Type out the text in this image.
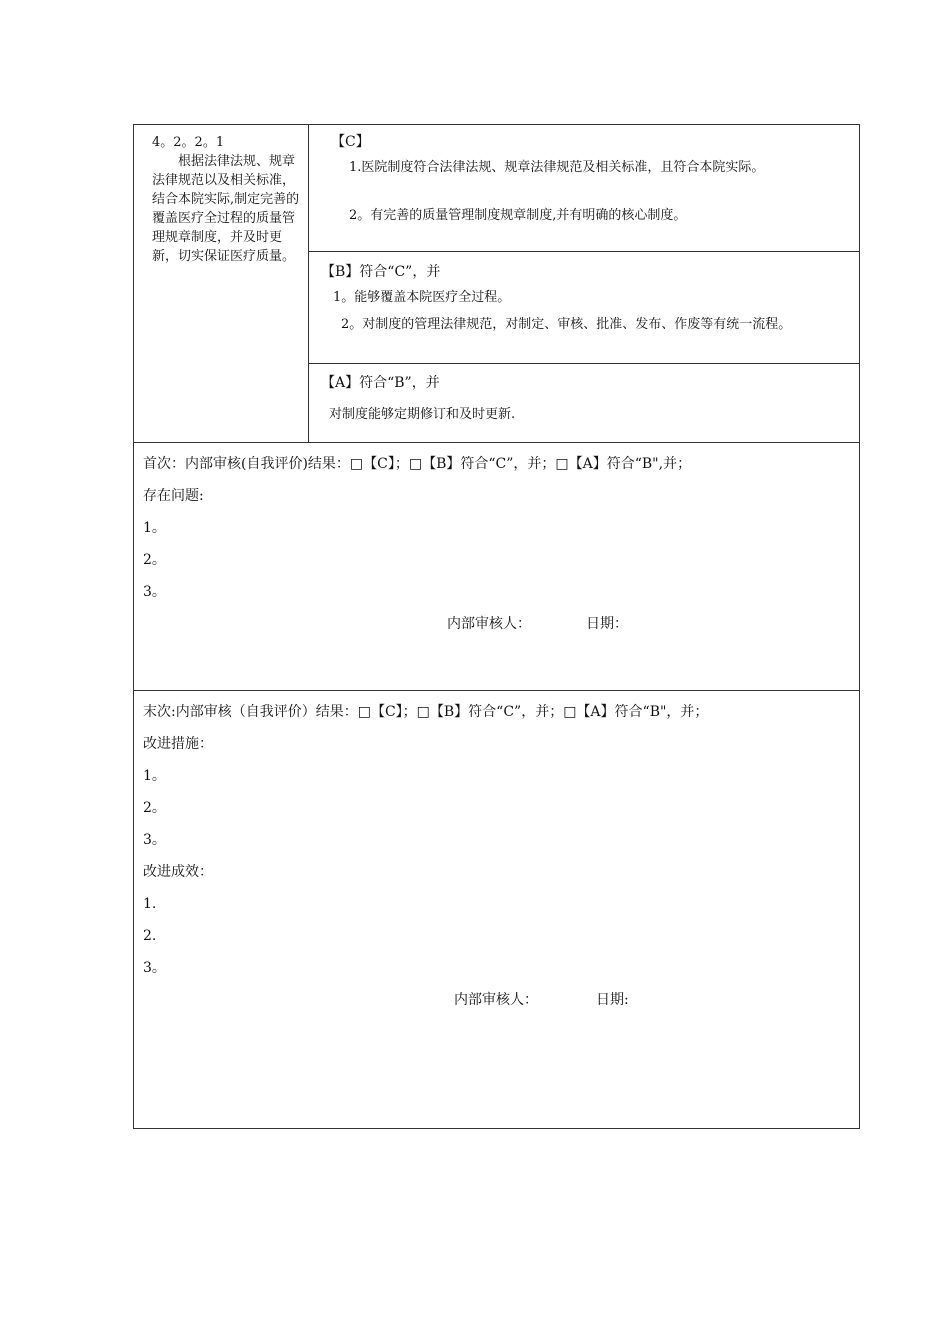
4。2。2。1
根据法律法规、规章法律规范以及相关标准，结合本院实际,制定完善的覆盖医疗全过程的质量管理规章制度，并及时更新，切实保证医疗质量。
【C】
1.医院制度符合法律法规、规章法律规范及相关标准，且符合本院实际。
2。有完善的质量管理制度规章制度,并有明确的核心制度。
【B】符合“C”，并
1。能够覆盖本院医疗全过程。
2。对制度的管理法律规范，对制定、审核、批准、发布、作废等有统一流程。
【A】符合“B”，并
对制度能够定期修订和及时更新.
首次：内部审核(自我评价)结果：□【C】；□【B】符合“C”，并；□【A】符合“B",并；
存在问题:
1。
2。
3。
内部审核人：	日期：
末次:内部审核（自我评价）结果：□【C】；□【B】符合“C”，并；□【A】符合“B"，并；
改进措施：
1。
2。
3。
改进成效：
1.
2.
3。
内部审核人：	日期:
